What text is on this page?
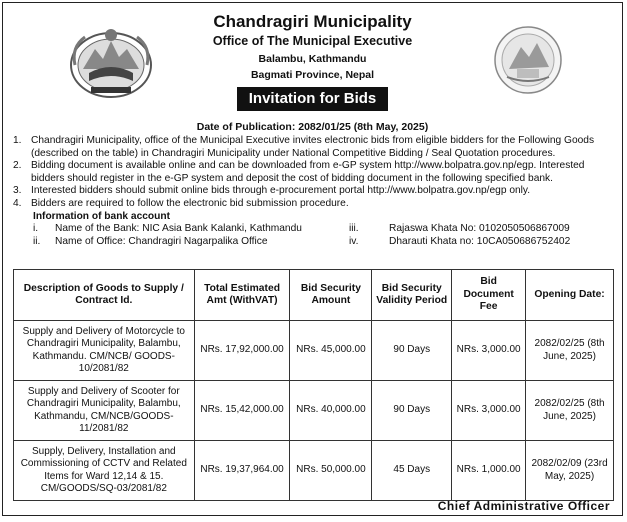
Chandragiri Municipality
Office of The Municipal Executive
Balambu, Kathmandu
Bagmati Province, Nepal
Invitation for Bids
Date of Publication: 2082/01/25 (8th May, 2025)
1. Chandragiri Municipality, office of the Municipal Executive invites electronic bids from eligible bidders for the Following Goods (described on the table) in Chandragiri Municipality under National Competitive Bidding / Seal Quotation procedures.
2. Bidding document is available online and can be downloaded from e-GP system http://www.bolpatra.gov.np/egp. Interested bidders should register in the e-GP system and deposit the cost of bidding document in the following specified bank.
3. Interested bidders should submit online bids through e-procurement portal http://www.bolpatra.gov.np/egp only.
4. Bidders are required to follow the electronic bid submission procedure.
Information of bank account
i.	Name of the Bank: NIC Asia Bank Kalanki, Kathmandu	iii.	Rajaswa Khata No: 0102050506867009
ii.	Name of Office: Chandragiri Nagarpalika Office	iv.	Dharauti Khata no: 10CA050686752402
Description of Goods to Supply / Contract Id.	Total Estimated Amt (WithVAT)	Bid Security Amount	Bid Security Validity Period	Bid Document Fee	Opening Date:
Supply and Delivery of Motorcycle to Chandragiri Municipality, Balambu, Kathmandu. CM/NCB/ GOODS-10/2081/82	NRs. 17,92,000.00	NRs. 45,000.00	90 Days	NRs. 3,000.00	2082/02/25 (8th June, 2025)
Supply and Delivery of Scooter for Chandragiri Municipality, Balambu, Kathmandu, CM/NCB/GOODS-11/2081/82	NRs. 15,42,000.00	NRs. 40,000.00	90 Days	NRs. 3,000.00	2082/02/25 (8th June, 2025)
Supply, Delivery, Installation and Commissioning of CCTV and Related Items for Ward 12,14 & 15. CM/GOODS/SQ-03/2081/82	NRs. 19,37,964.00	NRs. 50,000.00	45 Days	NRs. 1,000.00	2082/02/09 (23rd May, 2025)
Chief Administrative Officer
